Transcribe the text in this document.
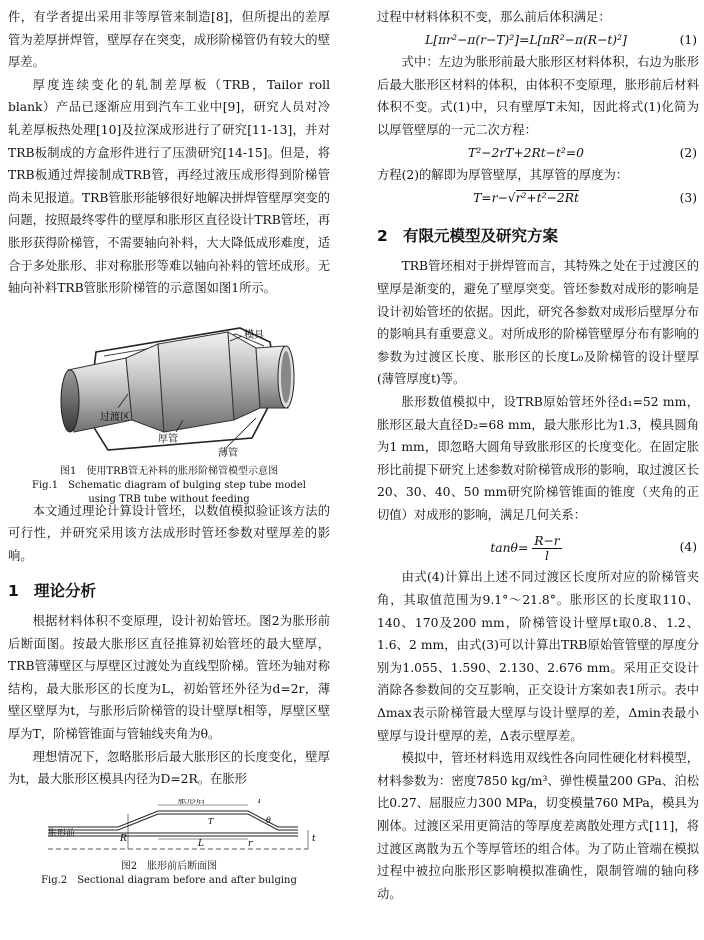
件，有学者提出采用非等厚管来制造[8]，但所提出的差厚管为差厚拼焊管，壁厚存在突变，成形阶梯管仍有较大的壁厚差。

厚度连续变化的轧制差厚板（TRB，Tailor roll blank）产品已逐渐应用到汽车工业中[9]，研究人员对冷轧差厚板热处理[10]及拉深成形进行了研究[11-13]，并对TRB板制成的方盒形件进行了压溃研究[14-15]。但是，将TRB板通过焊接制成TRB管，再经过液压成形得到阶梯管尚未见报道。TRB管胀形能够很好地解决拼焊管壁厚突变的问题，按照最终零件的壁厚和胀形区直径设计TRB管坯，再胀形获得阶梯管，不需要轴向补料，大大降低成形难度，适合于多处胀形、非对称胀形等难以轴向补料的管坯成形。无轴向补料TRB管胀形阶梯管的示意图如图1所示。

模具
过渡区
厚管
薄管
图1　使用TRB管无补料的胀形阶梯管模型示意图
Fig.1　Schematic diagram of bulging step tube model
using TRB tube without feeding

本文通过理论计算设计管坯，以数值模拟验证该方法的可行性，并研究采用该方法成形时管坯参数对壁厚差的影响。

1 理论分析

根据材料体积不变原理，设计初始管坯。图2为胀形前后断面图。按最大胀形区直径推算初始管坯的最大壁厚，TRB管薄壁区与厚壁区过渡处为直线型阶梯。管坯为轴对称结构，最大胀形区的长度为L，初始管坯外径为d=2r，薄壁区壁厚为t，与胀形后阶梯管的设计壁厚t相等，厚壁区壁厚为T，阶梯管锥面与管轴线夹角为θ。

理想情况下，忽略胀形后最大胀形区的长度变化，壁厚为t，最大胀形区模具内径为D=2R。在胀形

胀形后	l
T
R	L	r	t
θ
胀形前
图2　胀形前后断面图
Fig.2　Sectional diagram before and after bulging

过程中材料体积不变，那么前后体积满足：

L[πr²−π(r−T)²]=L[πR²−π(R−t)²]	(1)

式中：左边为胀形前最大胀形区材料体积，右边为胀形后最大胀形区材料的体积，由体积不变原理，胀形前后材料体积不变。式(1)中，只有壁厚T未知，因此将式(1)化简为以厚管壁厚的一元二次方程：

T²−2rT+2Rt−t²=0	(2)

方程(2)的解即为厚管壁厚，其厚管的厚度为：

T=r−√r²+t²−2Rt	(3)
2 有限元模型及研究方案

TRB管坯相对于拼焊管而言，其特殊之处在于过渡区的壁厚是渐变的，避免了壁厚突变。管坯参数对成形的影响是设计初始管坯的依据。因此，研究各参数对成形后壁厚分布的影响具有重要意义。对所成形的阶梯管壁厚分布有影响的参数为过渡区长度、胀形区的长度L₀及阶梯管的设计壁厚(薄管厚度t)等。

胀形数值模拟中，设TRB原始管坯外径d₁=52 mm，胀形区最大直径D₂=68 mm，最大胀形比为1.3，模具圆角为1 mm，即忽略大圆角导致胀形区的长度变化。在固定胀形比前提下研究上述参数对阶梯管成形的影响，取过渡区长20、30、40、50 mm研究阶梯管锥面的锥度（夹角的正切值）对成形的影响，满足几何关系：

$\tan\theta= \frac{R-r}{l}$	(4)

由式(4)计算出上述不同过渡区长度所对应的阶梯管夹角，其取值范围为9.1°～21.8°。胀形区的长度取110、140、170及200 mm，阶梯管设计壁厚t取0.8、1.2、1.6、2 mm，由式(3)可以计算出TRB原始管管壁的厚度分别为1.055、1.590、2.130、2.676 mm。采用正交设计消除各参数间的交互影响，正交设计方案如表1所示。表中Δmax表示阶梯管最大壁厚与设计壁厚的差，Δmin表最小壁厚与设计壁厚的差，Δ表示壁厚差。

模拟中，管坯材料选用双线性各向同性硬化材料模型，材料参数为：密度7850 kg/m³、弹性模量200 GPa、泊松比0.27、屈服应力300 MPa，切变模量760 MPa，模具为刚体。过渡区采用更简洁的等厚度差离散处理方式[11]，将过渡区离散为五个等厚管坯的组合体。为了防止管端在模拟过程中被拉向胀形区影响模拟准确性，限制管端的轴向移动。
